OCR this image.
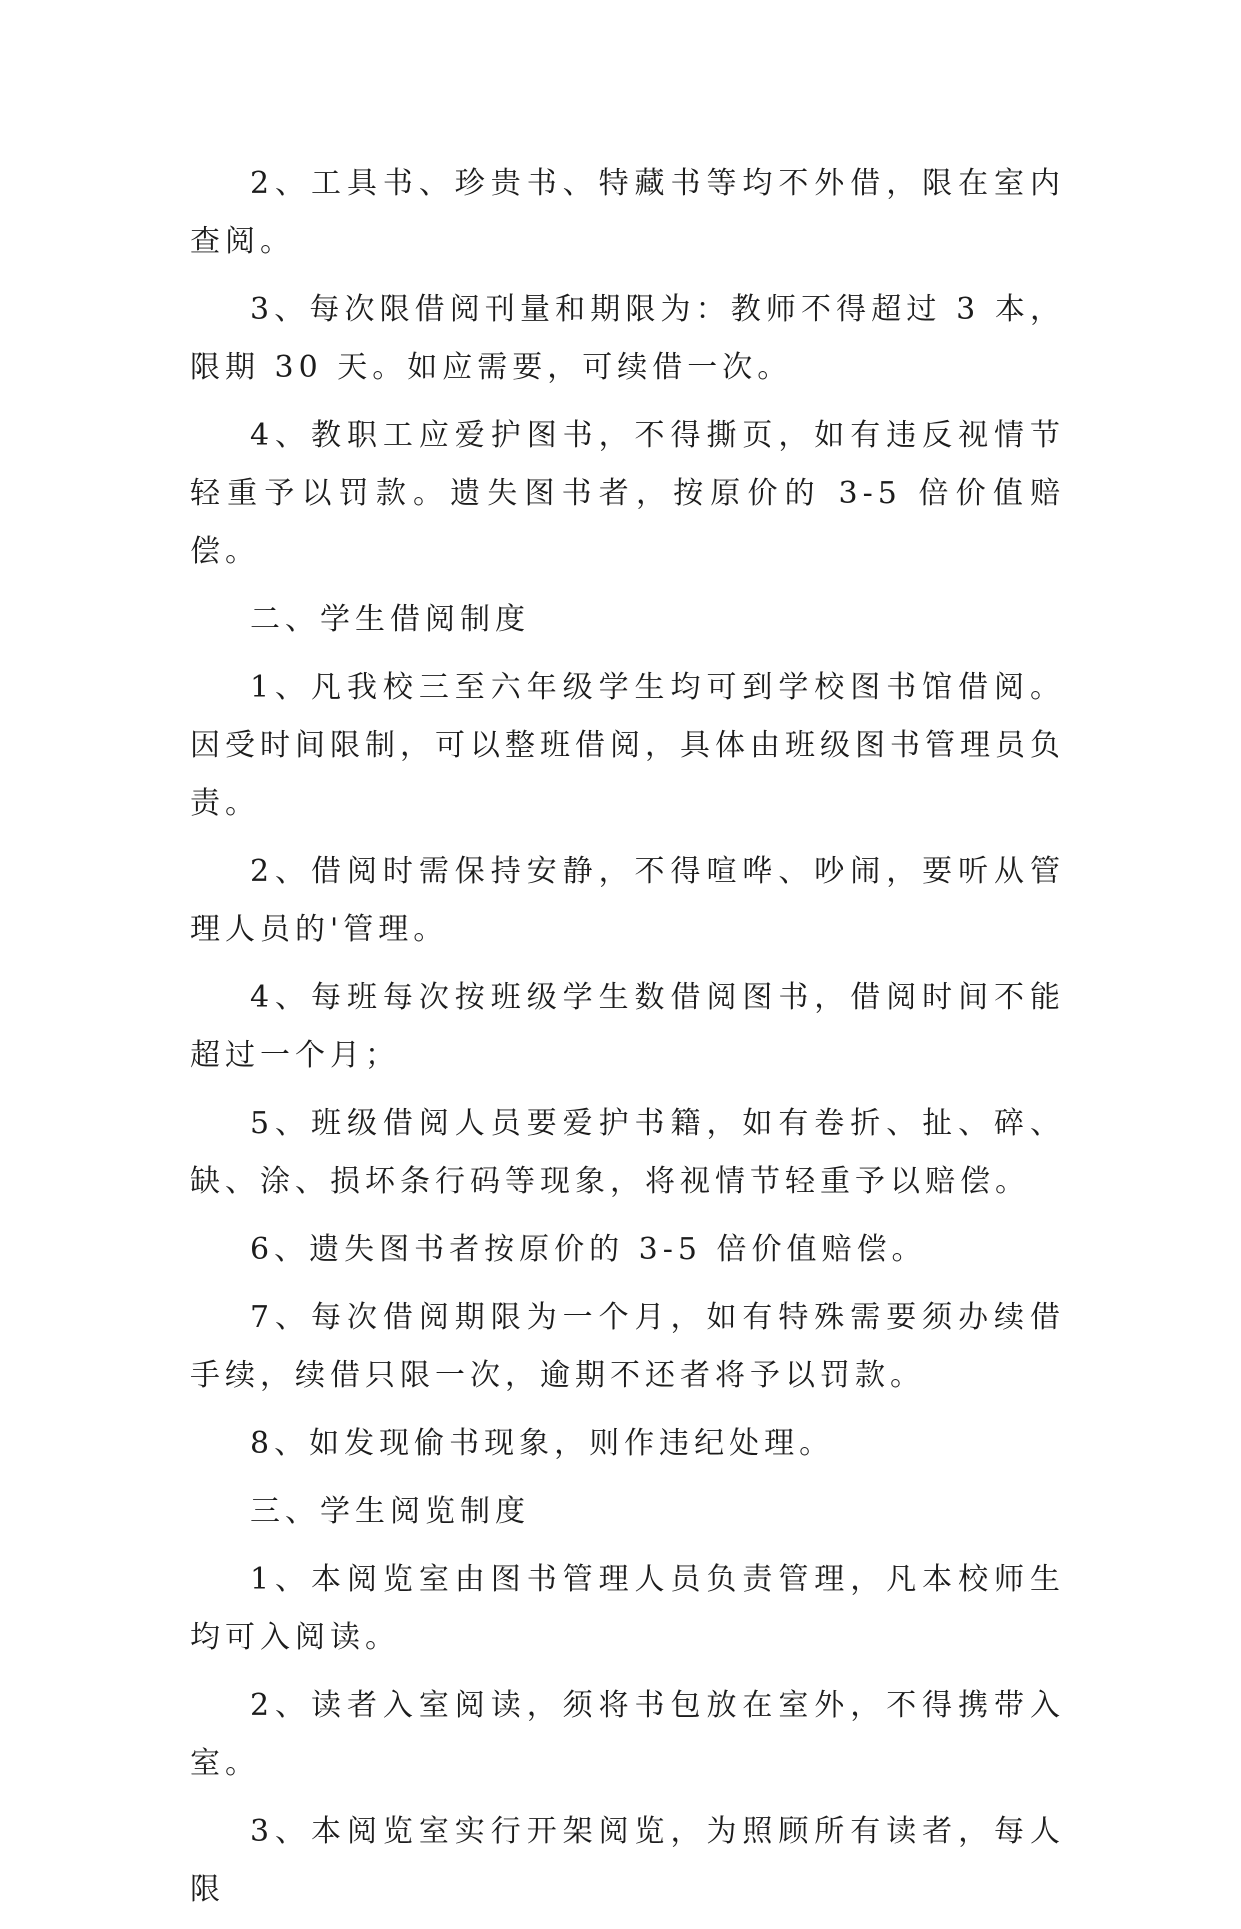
2、工具书、珍贵书、特藏书等均不外借，限在室内查阅。

3、每次限借阅刊量和期限为：教师不得超过 3 本，限期 30 天。如应需要，可续借一次。

4、教职工应爱护图书，不得撕页，如有违反视情节轻重予以罚款。遗失图书者，按原价的 3-5 倍价值赔偿。

二、学生借阅制度

1、凡我校三至六年级学生均可到学校图书馆借阅。因受时间限制，可以整班借阅，具体由班级图书管理员负责。

2、借阅时需保持安静，不得喧哗、吵闹，要听从管理人员的'管理。

4、每班每次按班级学生数借阅图书，借阅时间不能超过一个月；

5、班级借阅人员要爱护书籍，如有卷折、扯、碎、缺、涂、损坏条行码等现象，将视情节轻重予以赔偿。

6、遗失图书者按原价的 3-5 倍价值赔偿。

7、每次借阅期限为一个月，如有特殊需要须办续借手续，续借只限一次，逾期不还者将予以罚款。

8、如发现偷书现象，则作违纪处理。

三、学生阅览制度

1、本阅览室由图书管理人员负责管理，凡本校师生均可入阅读。

2、读者入室阅读，须将书包放在室外，不得携带入室。

3、本阅览室实行开架阅览，为照顾所有读者，每人限
